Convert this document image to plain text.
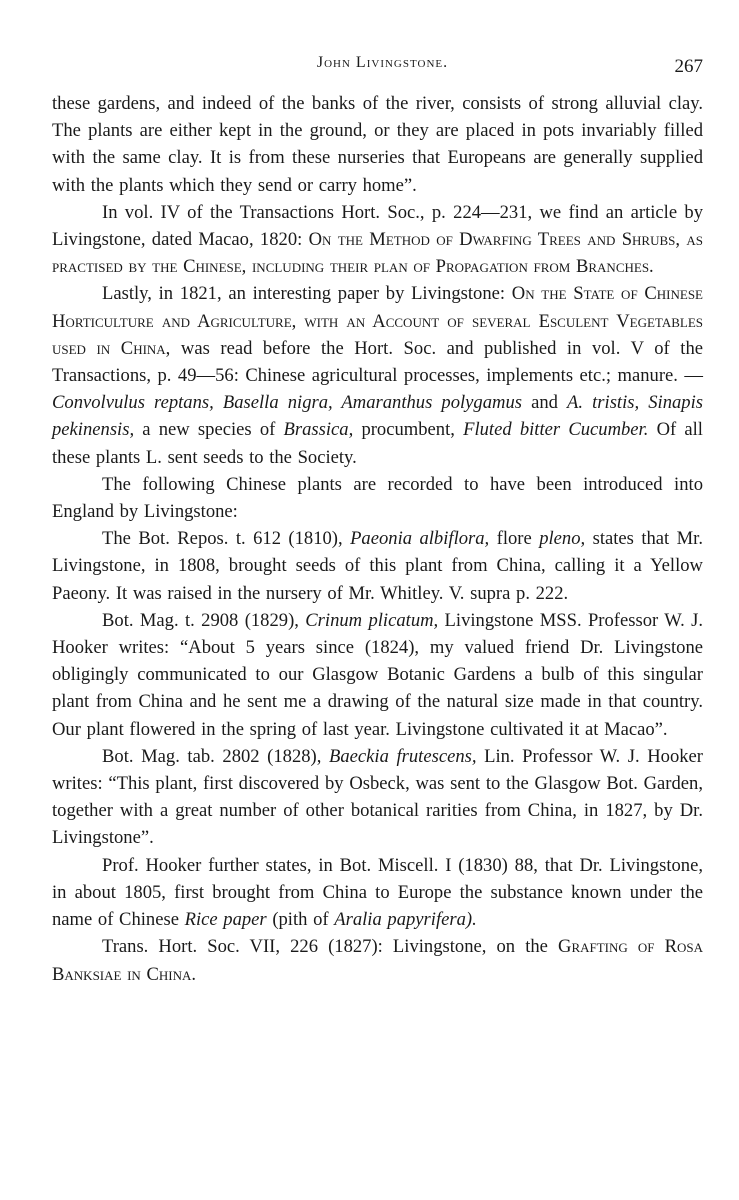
John Livingstone.	267

these gardens, and indeed of the banks of the river, consists of strong alluvial clay. The plants are either kept in the ground, or they are placed in pots invariably filled with the same clay. It is from these nurseries that Europeans are generally supplied with the plants which they send or carry home”.

In vol. IV of the Transactions Hort. Soc., p. 224—231, we find an article by Livingstone, dated Macao, 1820: On the Method of Dwarfing Trees and Shrubs, as practised by the Chinese, including their plan of Propagation from Branches.

Lastly, in 1821, an interesting paper by Livingstone: On the State of Chinese Horticulture and Agriculture, with an Account of several Esculent Vegetables used in China, was read before the Hort. Soc. and published in vol. V of the Transactions, p. 49—56: Chinese agricultural processes, implements etc.; manure. — Convolvulus reptans, Basella nigra, Amaranthus polygamus and A. tristis, Sinapis pekinensis, a new species of Brassica, procumbent, Fluted bitter Cucumber. Of all these plants L. sent seeds to the Society.

The following Chinese plants are recorded to have been introduced into England by Livingstone:

The Bot. Repos. t. 612 (1810), Paeonia albiflora, flore pleno, states that Mr. Livingstone, in 1808, brought seeds of this plant from China, calling it a Yellow Paeony. It was raised in the nursery of Mr. Whitley. V. supra p. 222.

Bot. Mag. t. 2908 (1829), Crinum plicatum, Livingstone MSS. Professor W. J. Hooker writes: “About 5 years since (1824), my valued friend Dr. Livingstone obligingly communicated to our Glasgow Botanic Gardens a bulb of this singular plant from China and he sent me a drawing of the natural size made in that country. Our plant flowered in the spring of last year. Livingstone cultivated it at Macao”.

Bot. Mag. tab. 2802 (1828), Baeckia frutescens, Lin. Professor W. J. Hooker writes: “This plant, first discovered by Osbeck, was sent to the Glasgow Bot. Garden, together with a great number of other botanical rarities from China, in 1827, by Dr. Livingstone”.

Prof. Hooker further states, in Bot. Miscell. I (1830) 88, that Dr. Livingstone, in about 1805, first brought from China to Europe the substance known under the name of Chinese Rice paper (pith of Aralia papyrifera).

Trans. Hort. Soc. VII, 226 (1827): Livingstone, on the Grafting of Rosa Banksiae in China.
